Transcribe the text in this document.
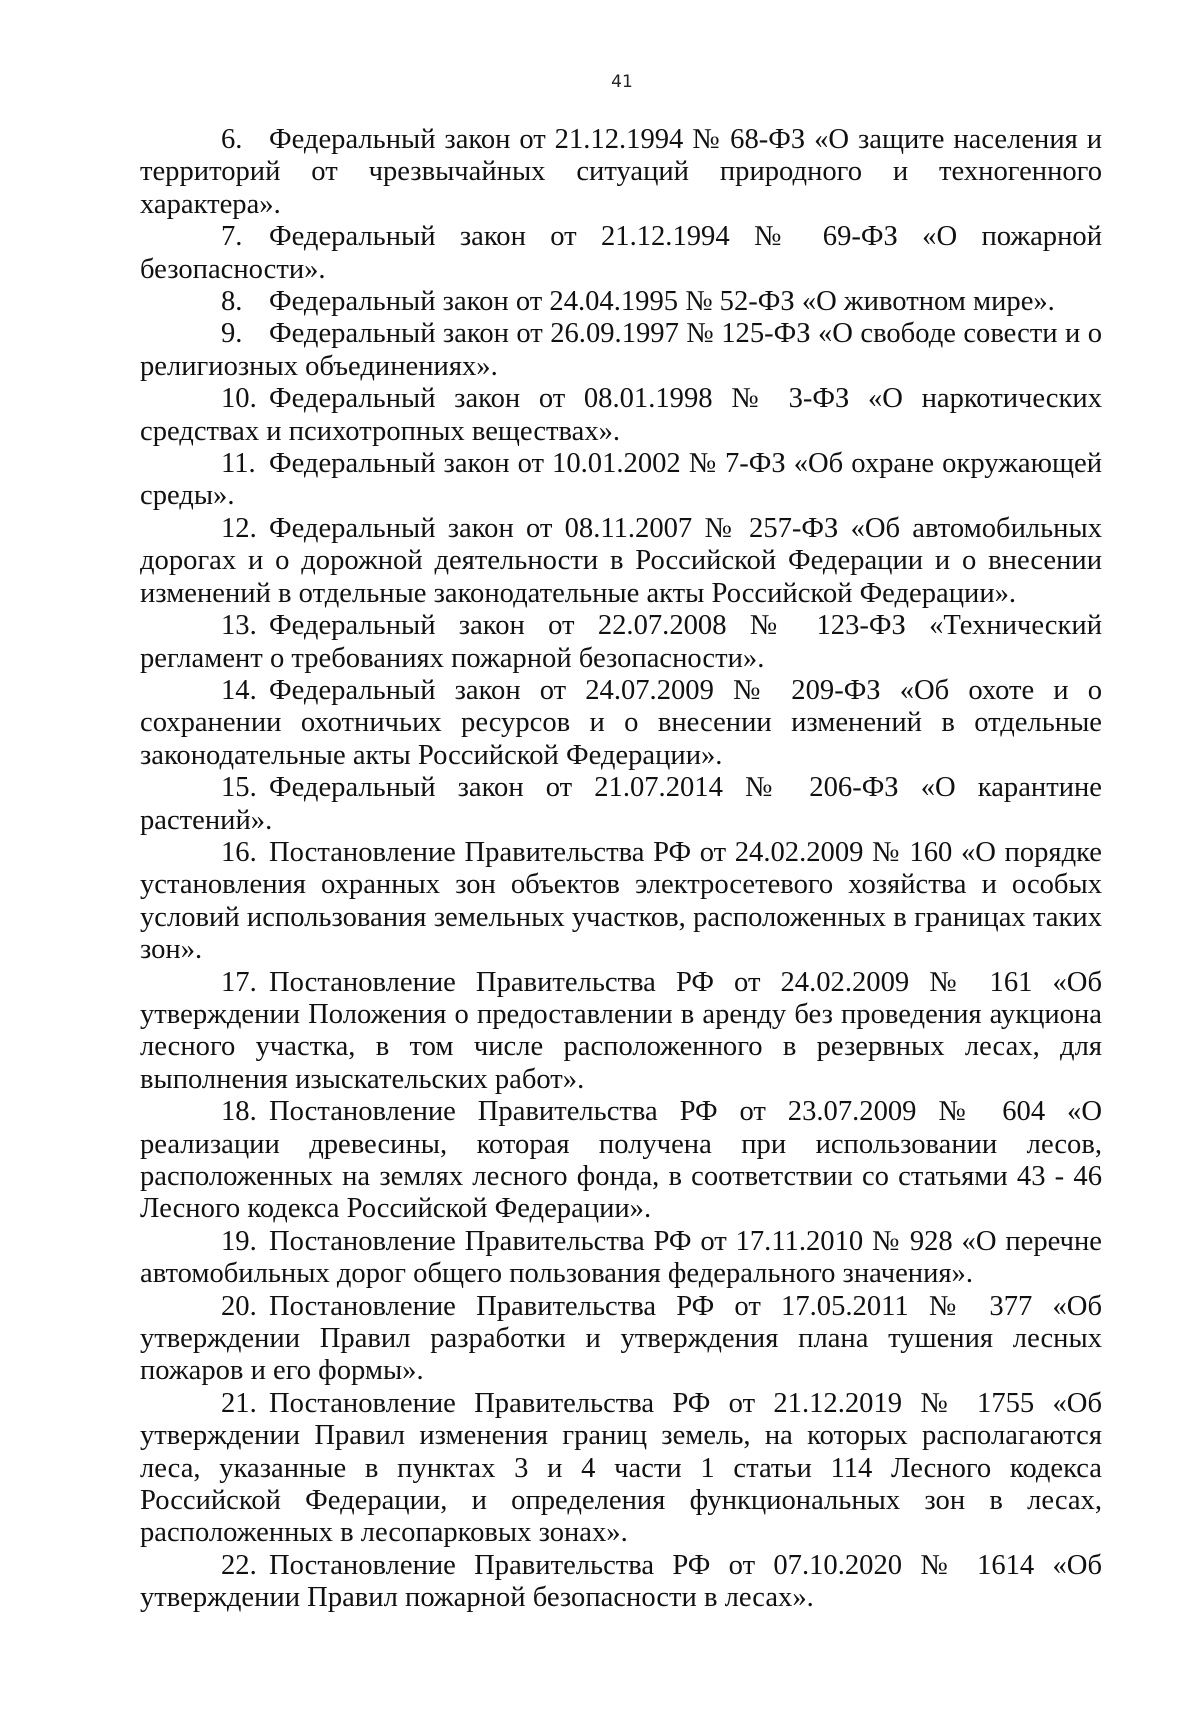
41

6. Федеральный закон от 21.12.1994 № 68-ФЗ «О защите населения и территорий от чрезвычайных ситуаций природного и техногенного характера».

7. Федеральный закон от 21.12.1994 № 69-ФЗ «О пожарной безопасности».

8. Федеральный закон от 24.04.1995 № 52-ФЗ «О животном мире».

9. Федеральный закон от 26.09.1997 № 125-ФЗ «О свободе совести и о религиозных объединениях».

10. Федеральный закон от 08.01.1998 № 3-ФЗ «О наркотических средствах и психотропных веществах».

11. Федеральный закон от 10.01.2002 № 7-ФЗ «Об охране окружающей среды».

12. Федеральный закон от 08.11.2007 № 257-ФЗ «Об автомобильных дорогах и о дорожной деятельности в Российской Федерации и о внесении изменений в отдельные законодательные акты Российской Федерации».

13. Федеральный закон от 22.07.2008 № 123-ФЗ «Технический регламент о требованиях пожарной безопасности».

14. Федеральный закон от 24.07.2009 № 209-ФЗ «Об охоте и о сохранении охотничьих ресурсов и о внесении изменений в отдельные законодательные акты Российской Федерации».

15. Федеральный закон от 21.07.2014 № 206-ФЗ «О карантине растений».

16. Постановление Правительства РФ от 24.02.2009 № 160 «О порядке установления охранных зон объектов электросетевого хозяйства и особых условий использования земельных участков, расположенных в границах таких зон».

17. Постановление Правительства РФ от 24.02.2009 № 161 «Об утверждении Положения о предоставлении в аренду без проведения аукциона лесного участка, в том числе расположенного в резервных лесах, для выполнения изыскательских работ».

18. Постановление Правительства РФ от 23.07.2009 № 604 «О реализации древесины, которая получена при использовании лесов, расположенных на землях лесного фонда, в соответствии со статьями 43 - 46 Лесного кодекса Российской Федерации».

19. Постановление Правительства РФ от 17.11.2010 № 928 «О перечне автомобильных дорог общего пользования федерального значения».

20. Постановление Правительства РФ от 17.05.2011 № 377 «Об утверждении Правил разработки и утверждения плана тушения лесных пожаров и его формы».

21. Постановление Правительства РФ от 21.12.2019 № 1755 «Об утверждении Правил изменения границ земель, на которых располагаются леса, указанные в пунктах 3 и 4 части 1 статьи 114 Лесного кодекса Российской Федерации, и определения функциональных зон в лесах, расположенных в лесопарковых зонах».

22. Постановление Правительства РФ от 07.10.2020 № 1614 «Об утверждении Правил пожарной безопасности в лесах».
